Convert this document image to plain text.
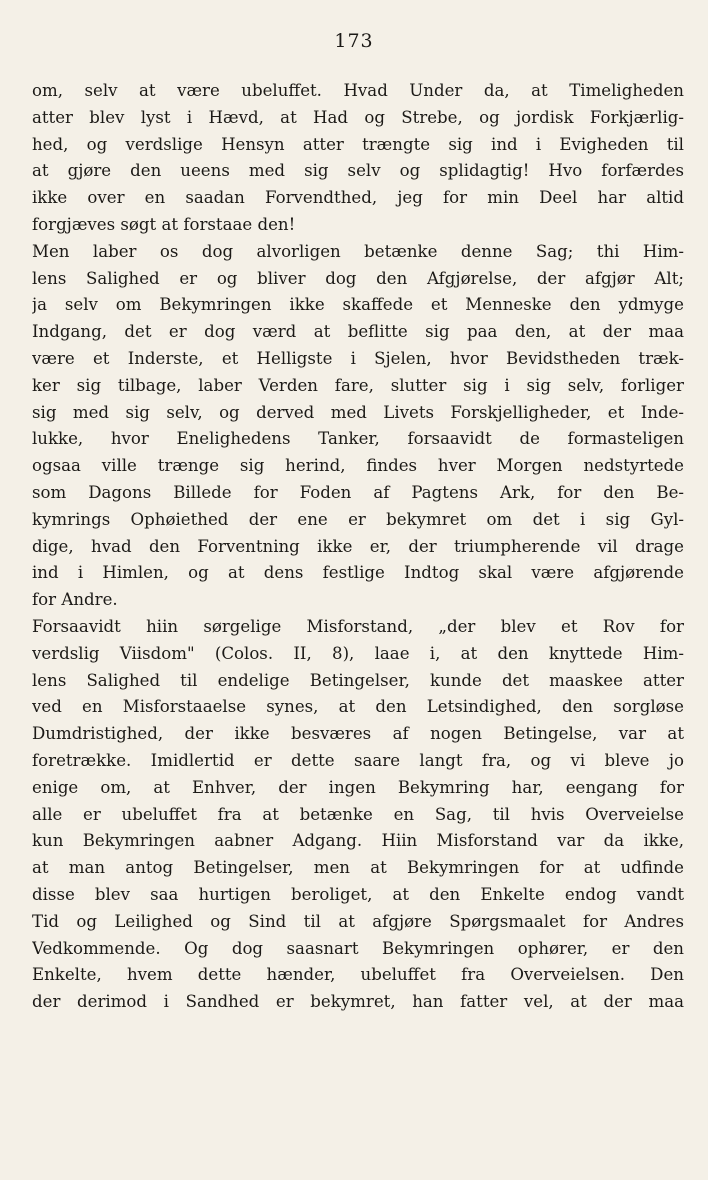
173
om, selv at være ubeluffet. Hvad Under da, at Timeligheden
atter blev lyst i Hævd, at Had og Strebe, og jordisk Forkjærlig-
hed, og verdslige Hensyn atter trængte sig ind i Evigheden til
at gjøre den ueens med sig selv og splidagtig! Hvo forfærdes
ikke over en saadan Forvendthed, jeg for min Deel har altid
forgjæves søgt at forstaae den!
Men laber os dog alvorligen betænke denne Sag; thi Him-
lens Salighed er og bliver dog den Afgjørelse, der afgjør Alt;
ja selv om Bekymringen ikke skaffede et Menneske den ydmyge
Indgang, det er dog værd at beflitte sig paa den, at der maa
være et Inderste, et Helligste i Sjelen, hvor Bevidstheden træk-
ker sig tilbage, laber Verden fare, slutter sig i sig selv, forliger
sig med sig selv, og derved med Livets Forskjelligheder, et Inde-
lukke, hvor Enelighedens Tanker, forsaavidt de formasteligen
ogsaa ville trænge sig herind, findes hver Morgen nedstyrtede
som Dagons Billede for Foden af Pagtens Ark, for den Be-
kymrings Ophøiethed der ene er bekymret om det i sig Gyl-
dige, hvad den Forventning ikke er, der triumpherende vil drage
ind i Himlen, og at dens festlige Indtog skal være afgjørende
for Andre.
Forsaavidt hiin sørgelige Misforstand, „der blev et Rov for
verdslig Viisdom" (Colos. II, 8), laae i, at den knyttede Him-
lens Salighed til endelige Betingelser, kunde det maaskee atter
ved en Misforstaaelse synes, at den Letsindighed, den sorgløse
Dumdristighed, der ikke besværes af nogen Betingelse, var at
foretrække. Imidlertid er dette saare langt fra, og vi bleve jo
enige om, at Enhver, der ingen Bekymring har, eengang for
alle er ubeluffet fra at betænke en Sag, til hvis Overveielse
kun Bekymringen aabner Adgang. Hiin Misforstand var da ikke,
at man antog Betingelser, men at Bekymringen for at udfinde
disse blev saa hurtigen beroliget, at den Enkelte endog vandt
Tid og Leilighed og Sind til at afgjøre Spørgsmaalet for Andres
Vedkommende. Og dog saasnart Bekymringen ophører, er den
Enkelte, hvem dette hænder, ubeluffet fra Overveielsen. Den
der derimod i Sandhed er bekymret, han fatter vel, at der maa
